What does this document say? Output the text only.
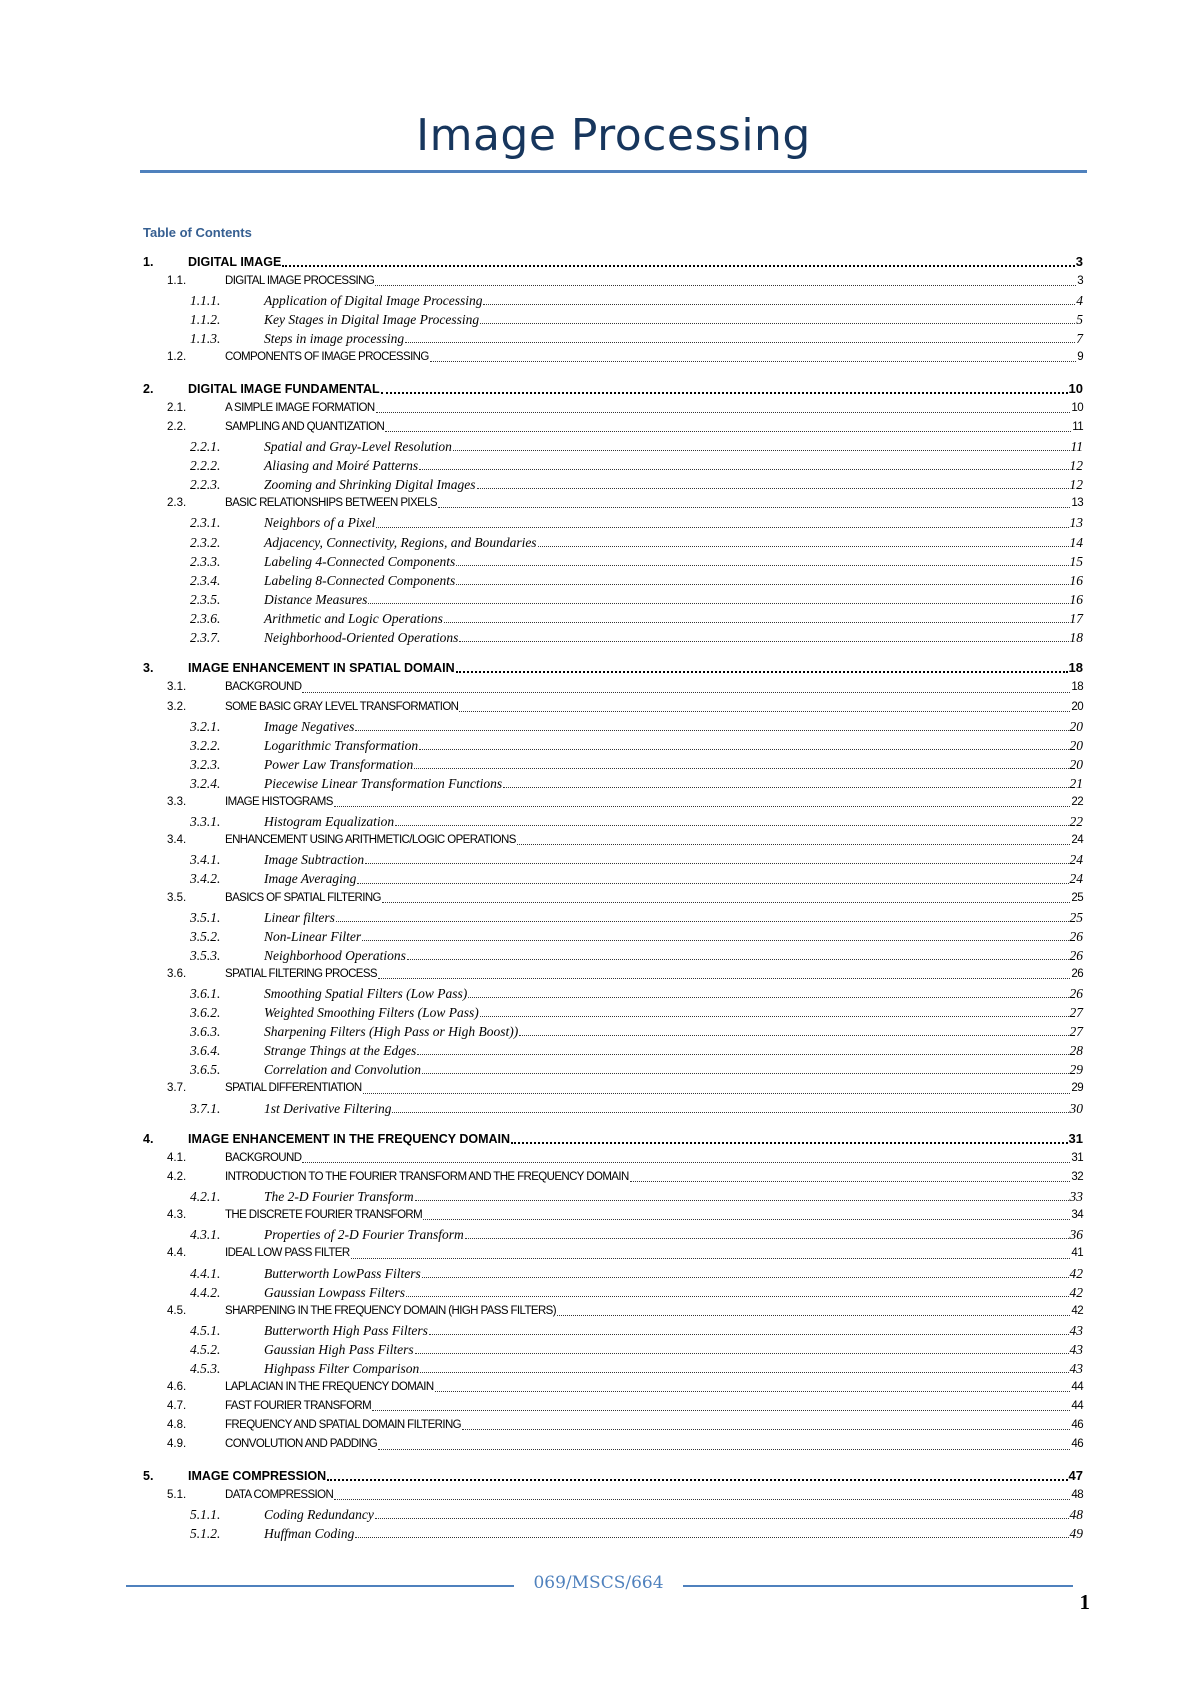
Image Processing
Table of Contents
1.	DIGITAL IMAGE	3
1.1.	DIGITAL IMAGE PROCESSING	3
1.1.1.	Application of Digital Image Processing	4
1.1.2.	Key Stages in Digital Image Processing	5
1.1.3.	Steps in image processing	7
1.2.	COMPONENTS OF IMAGE PROCESSING	9
2.	DIGITAL IMAGE FUNDAMENTAL	10
2.1.	A SIMPLE IMAGE FORMATION	10
2.2.	SAMPLING AND QUANTIZATION	11
2.2.1.	Spatial and Gray-Level Resolution	11
2.2.2.	Aliasing and Moiré Patterns	12
2.2.3.	Zooming and Shrinking Digital Images	12
2.3.	BASIC RELATIONSHIPS BETWEEN PIXELS	13
2.3.1.	Neighbors of a Pixel	13
2.3.2.	Adjacency, Connectivity, Regions, and Boundaries	14
2.3.3.	Labeling 4-Connected Components	15
2.3.4.	Labeling 8-Connected Components	16
2.3.5.	Distance Measures	16
2.3.6.	Arithmetic and Logic Operations	17
2.3.7.	Neighborhood-Oriented Operations	18
3.	IMAGE ENHANCEMENT IN SPATIAL DOMAIN	18
3.1.	BACKGROUND	18
3.2.	SOME BASIC GRAY LEVEL TRANSFORMATION	20
3.2.1.	Image Negatives	20
3.2.2.	Logarithmic Transformation	20
3.2.3.	Power Law Transformation	20
3.2.4.	Piecewise Linear Transformation Functions	21
3.3.	IMAGE HISTOGRAMS	22
3.3.1.	Histogram Equalization	22
3.4.	ENHANCEMENT USING ARITHMETIC/LOGIC OPERATIONS	24
3.4.1.	Image Subtraction	24
3.4.2.	Image Averaging	24
3.5.	BASICS OF SPATIAL FILTERING	25
3.5.1.	Linear filters	25
3.5.2.	Non-Linear Filter	26
3.5.3.	Neighborhood Operations	26
3.6.	SPATIAL FILTERING PROCESS	26
3.6.1.	Smoothing Spatial Filters (Low Pass)	26
3.6.2.	Weighted Smoothing Filters (Low Pass)	27
3.6.3.	Sharpening Filters (High Pass or High Boost))	27
3.6.4.	Strange Things at the Edges	28
3.6.5.	Correlation and Convolution	29
3.7.	SPATIAL DIFFERENTIATION	29
3.7.1.	1st Derivative Filtering	30
4.	IMAGE ENHANCEMENT IN THE FREQUENCY DOMAIN	31
4.1.	BACKGROUND	31
4.2.	INTRODUCTION TO THE FOURIER TRANSFORM AND THE FREQUENCY DOMAIN	32
4.2.1.	The 2-D Fourier Transform	33
4.3.	THE DISCRETE FOURIER TRANSFORM	34
4.3.1.	Properties of 2-D Fourier Transform	36
4.4.	IDEAL LOW PASS FILTER	41
4.4.1.	Butterworth LowPass Filters	42
4.4.2.	Gaussian Lowpass Filters	42
4.5.	SHARPENING IN THE FREQUENCY DOMAIN (HIGH PASS FILTERS)	42
4.5.1.	Butterworth High Pass Filters	43
4.5.2.	Gaussian High Pass Filters	43
4.5.3.	Highpass Filter Comparison	43
4.6.	LAPLACIAN IN THE FREQUENCY DOMAIN	44
4.7.	FAST FOURIER TRANSFORM	44
4.8.	FREQUENCY AND SPATIAL DOMAIN FILTERING	46
4.9.	CONVOLUTION AND PADDING	46
5.	IMAGE COMPRESSION	47
5.1.	DATA COMPRESSION	48
5.1.1.	Coding Redundancy	48
5.1.2.	Huffman Coding	49
069/MSCS/664
1
